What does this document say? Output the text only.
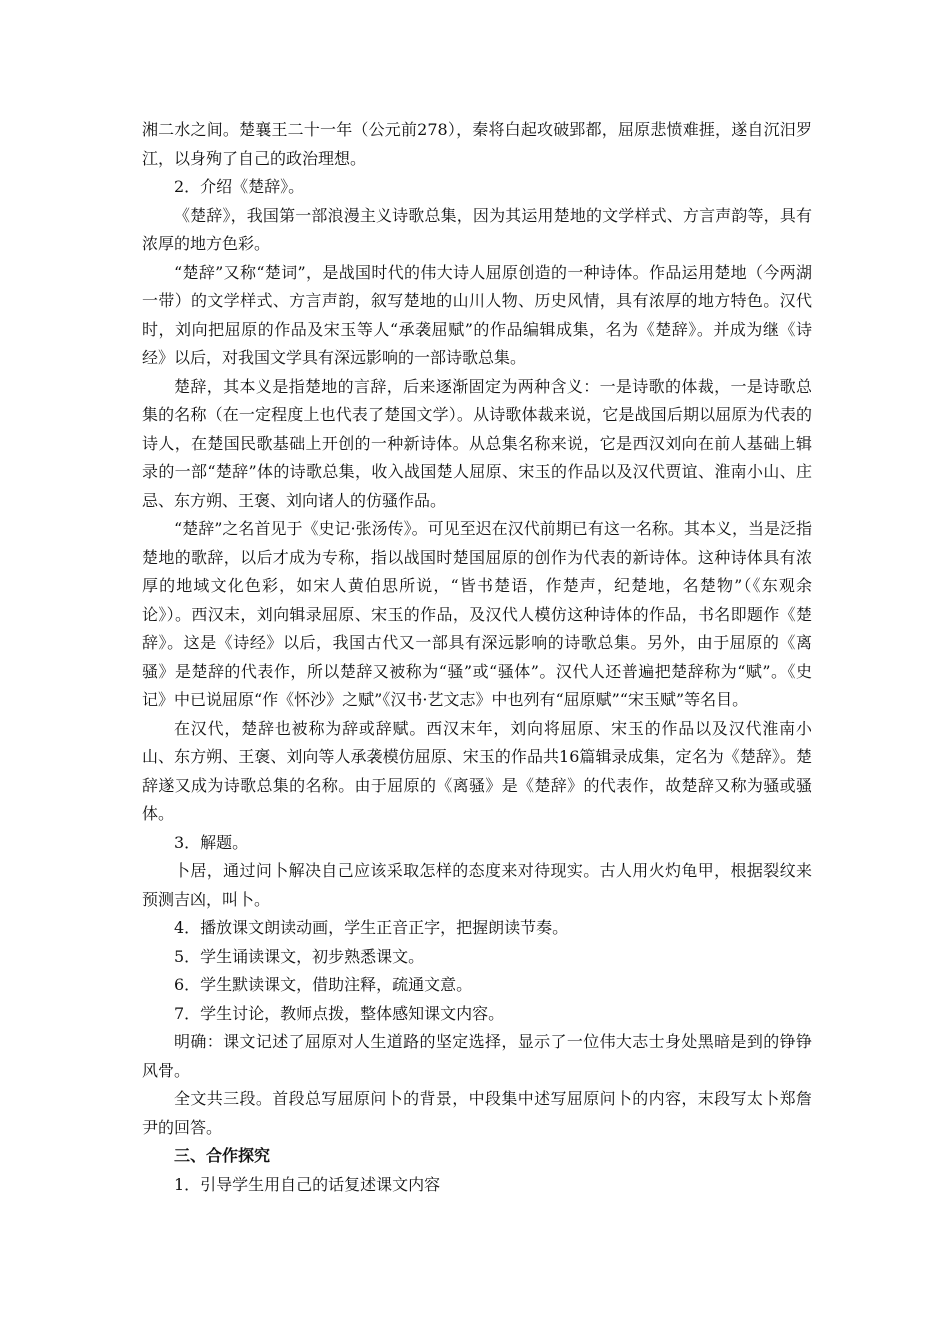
湘二水之间。楚襄王二十一年（公元前278），秦将白起攻破郢都，屈原悲愤难捱，遂自沉汨罗江，以身殉了自己的政治理想。

2．介绍《楚辞》。

《楚辞》，我国第一部浪漫主义诗歌总集，因为其运用楚地的文学样式、方言声韵等，具有浓厚的地方色彩。

“楚辞”又称“楚词”，是战国时代的伟大诗人屈原创造的一种诗体。作品运用楚地（今两湖一带）的文学样式、方言声韵，叙写楚地的山川人物、历史风情，具有浓厚的地方特色。汉代时，刘向把屈原的作品及宋玉等人“承袭屈赋”的作品编辑成集，名为《楚辞》。并成为继《诗经》以后，对我国文学具有深远影响的一部诗歌总集。

楚辞，其本义是指楚地的言辞，后来逐渐固定为两种含义：一是诗歌的体裁，一是诗歌总集的名称（在一定程度上也代表了楚国文学）。从诗歌体裁来说，它是战国后期以屈原为代表的诗人，在楚国民歌基础上开创的一种新诗体。从总集名称来说，它是西汉刘向在前人基础上辑录的一部“楚辞”体的诗歌总集，收入战国楚人屈原、宋玉的作品以及汉代贾谊、淮南小山、庄忌、东方朔、王褒、刘向诸人的仿骚作品。

“楚辞”之名首见于《史记·张汤传》。可见至迟在汉代前期已有这一名称。其本义，当是泛指楚地的歌辞，以后才成为专称，指以战国时楚国屈原的创作为代表的新诗体。这种诗体具有浓厚的地域文化色彩，如宋人黄伯思所说，“皆书楚语，作楚声，纪楚地，名楚物”（《东观余论》）。西汉末，刘向辑录屈原、宋玉的作品，及汉代人模仿这种诗体的作品，书名即题作《楚辞》。这是《诗经》以后，我国古代又一部具有深远影响的诗歌总集。另外，由于屈原的《离骚》是楚辞的代表作，所以楚辞又被称为“骚”或“骚体”。汉代人还普遍把楚辞称为“赋”。《史记》中已说屈原“作《怀沙》之赋”《汉书·艺文志》中也列有“屈原赋”“宋玉赋”等名目。

在汉代，楚辞也被称为辞或辞赋。西汉末年，刘向将屈原、宋玉的作品以及汉代淮南小山、东方朔、王褒、刘向等人承袭模仿屈原、宋玉的作品共16篇辑录成集，定名为《楚辞》。楚辞遂又成为诗歌总集的名称。由于屈原的《离骚》是《楚辞》的代表作，故楚辞又称为骚或骚体。

3．解题。

卜居，通过问卜解决自己应该采取怎样的态度来对待现实。古人用火灼龟甲，根据裂纹来预测吉凶，叫卜。

4．播放课文朗读动画，学生正音正字，把握朗读节奏。

5．学生诵读课文，初步熟悉课文。

6．学生默读课文，借助注释，疏通文意。

7．学生讨论，教师点拨，整体感知课文内容。

明确：课文记述了屈原对人生道路的坚定选择，显示了一位伟大志士身处黑暗是到的铮铮风骨。

全文共三段。首段总写屈原问卜的背景，中段集中述写屈原问卜的内容，末段写太卜郑詹尹的回答。

三、合作探究

1．引导学生用自己的话复述课文内容
